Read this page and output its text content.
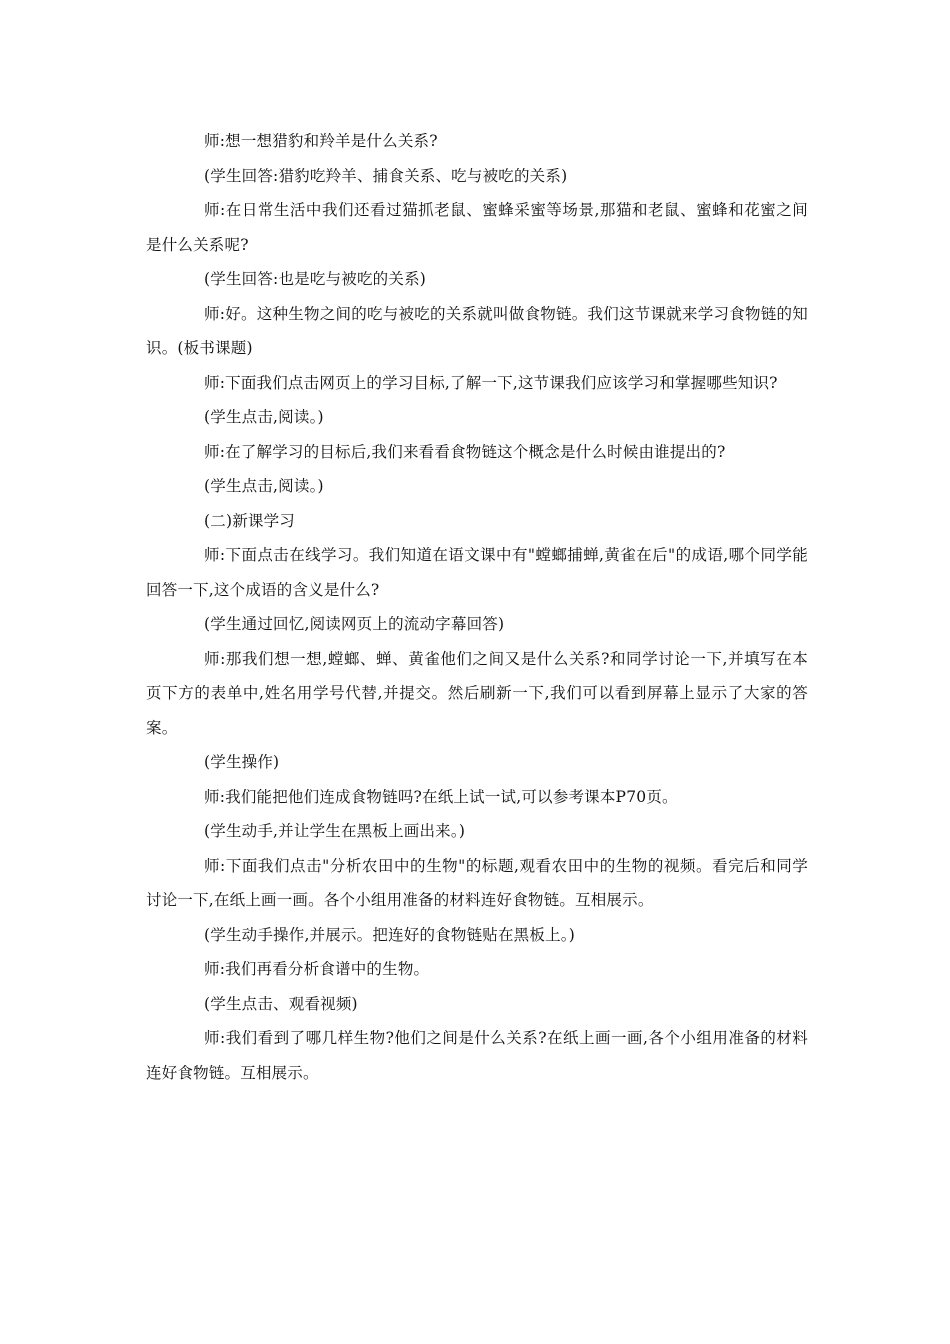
师:想一想猎豹和羚羊是什么关系?

(学生回答:猎豹吃羚羊、捕食关系、吃与被吃的关系)

师:在日常生活中我们还看过猫抓老鼠、蜜蜂采蜜等场景,那猫和老鼠、蜜蜂和花蜜之间是什么关系呢?

(学生回答:也是吃与被吃的关系)

师:好。这种生物之间的吃与被吃的关系就叫做食物链。我们这节课就来学习食物链的知识。(板书课题)

师:下面我们点击网页上的学习目标,了解一下,这节课我们应该学习和掌握哪些知识?

(学生点击,阅读。)

师:在了解学习的目标后,我们来看看食物链这个概念是什么时候由谁提出的?

(学生点击,阅读。)

(二)新课学习

师:下面点击在线学习。我们知道在语文课中有"螳螂捕蝉,黄雀在后"的成语,哪个同学能回答一下,这个成语的含义是什么?

(学生通过回忆,阅读网页上的流动字幕回答)

师:那我们想一想,螳螂、蝉、黄雀他们之间又是什么关系?和同学讨论一下,并填写在本页下方的表单中,姓名用学号代替,并提交。然后刷新一下,我们可以看到屏幕上显示了大家的答案。

(学生操作)

师:我们能把他们连成食物链吗?在纸上试一试,可以参考课本P70页。

(学生动手,并让学生在黑板上画出来。)

师:下面我们点击"分析农田中的生物"的标题,观看农田中的生物的视频。看完后和同学讨论一下,在纸上画一画。各个小组用准备的材料连好食物链。互相展示。

(学生动手操作,并展示。把连好的食物链贴在黑板上。)

师:我们再看分析食谱中的生物。

(学生点击、观看视频)

师:我们看到了哪几样生物?他们之间是什么关系?在纸上画一画,各个小组用准备的材料连好食物链。互相展示。
